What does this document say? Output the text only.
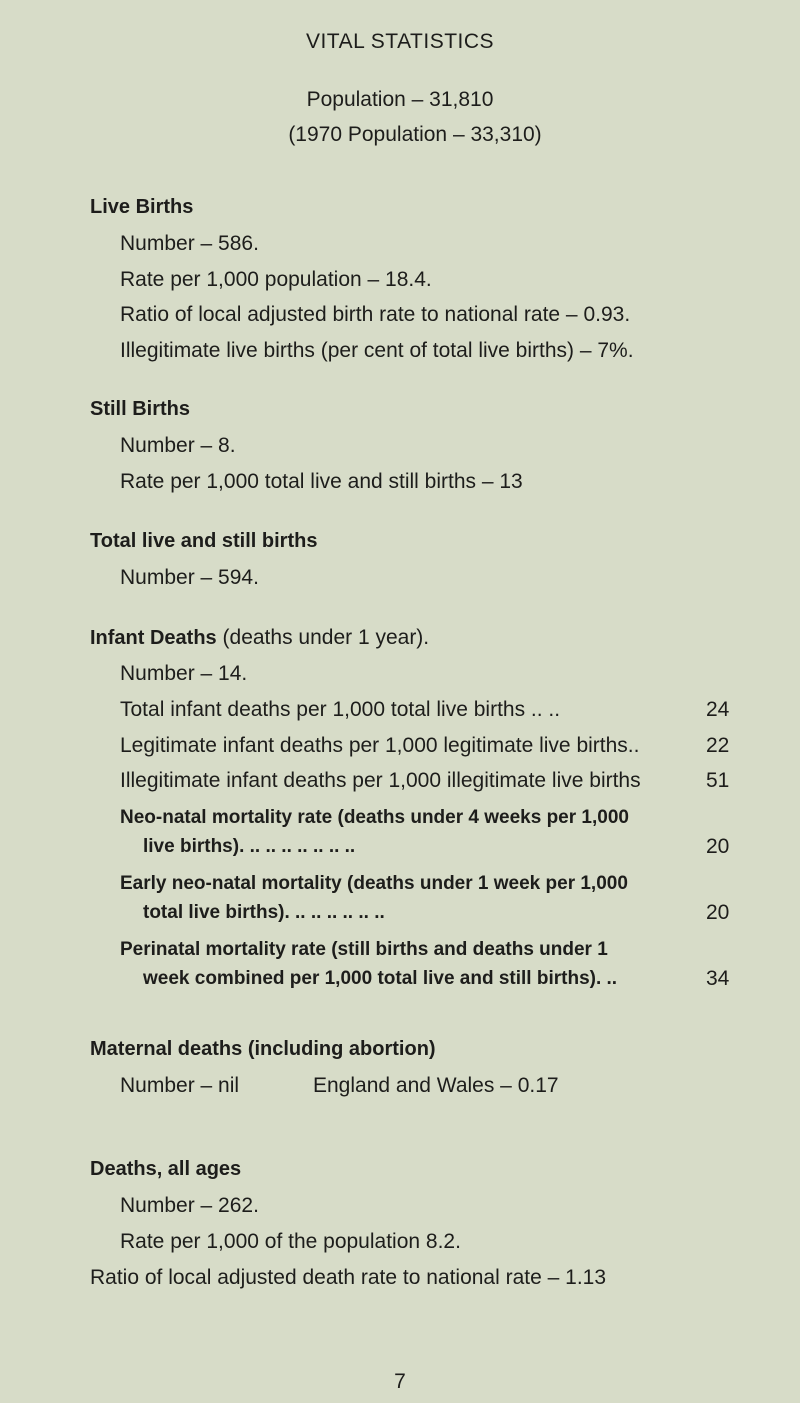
VITAL STATISTICS
Population – 31,810
(1970 Population – 33,310)
Live Births
Number – 586.
Rate per 1,000 population – 18.4.
Ratio of local adjusted birth rate to national rate – 0.93.
Illegitimate live births (per cent of total live births) – 7%.
Still Births
Number – 8.
Rate per 1,000 total live and still births – 13
Total live and still births
Number – 594.
Infant Deaths (deaths under 1 year).
Number – 14.
Total infant deaths per 1,000 total live births .. ..	24
Legitimate infant deaths per 1,000 legitimate live births..	22
Illegitimate infant deaths per 1,000 illegitimate live births	51
Neo-natal mortality rate (deaths under 4 weeks per 1,000
live births). .. .. .. .. .. .. ..	20
Early neo-natal mortality (deaths under 1 week per 1,000
total live births). .. .. .. .. .. ..	20
Perinatal mortality rate (still births and deaths under 1
week combined per 1,000 total live and still births). ..	34
Maternal deaths (including abortion)
Number – nil	England and Wales – 0.17
Deaths, all ages
Number – 262.
Rate per 1,000 of the population 8.2.
Ratio of local adjusted death rate to national rate – 1.13
7
